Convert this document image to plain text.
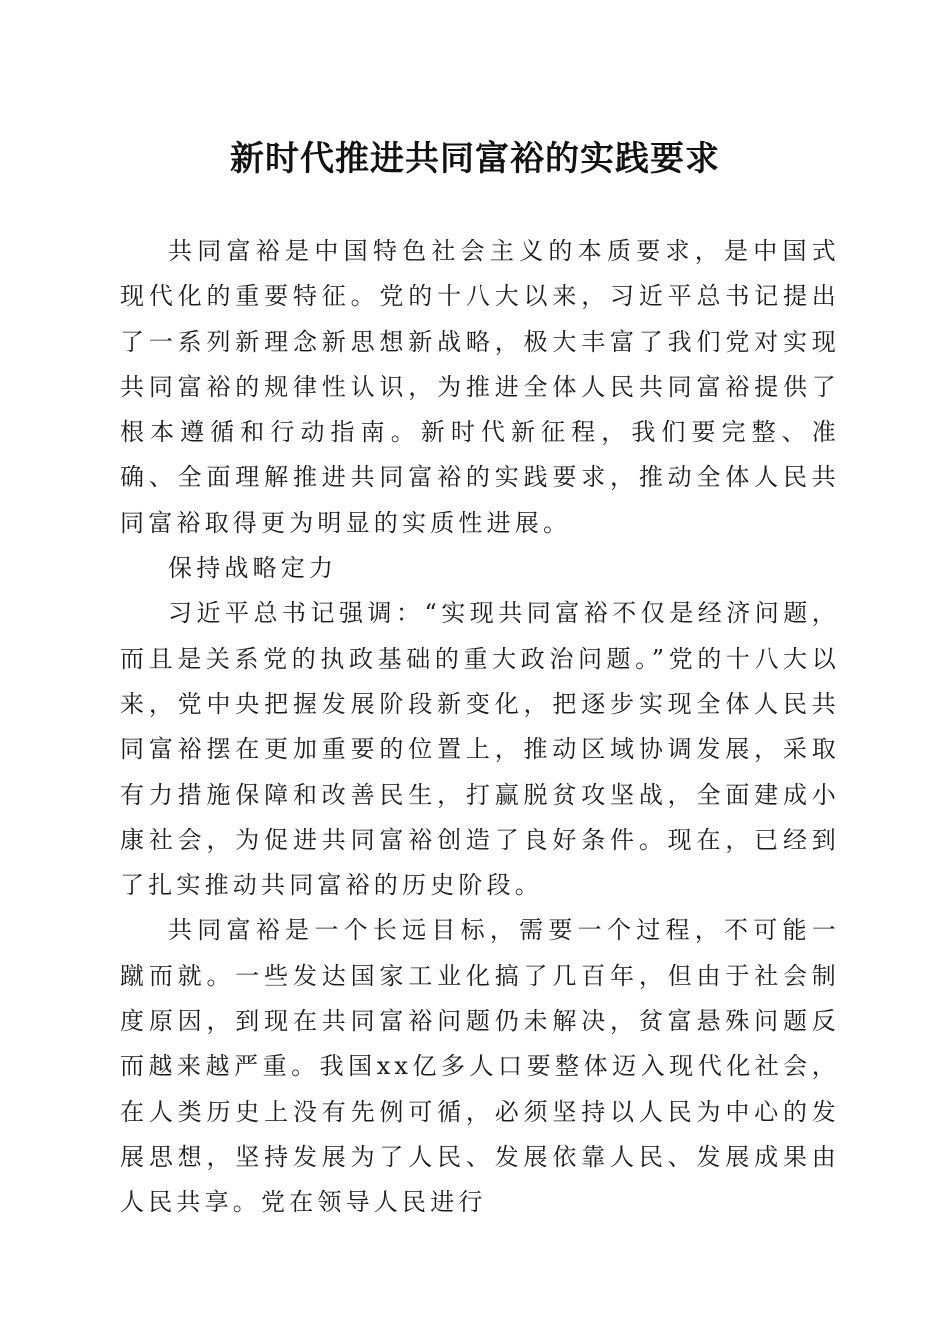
新时代推进共同富裕的实践要求

共同富裕是中国特色社会主义的本质要求，是中国式现代化的重要特征。党的十八大以来，习近平总书记提出了一系列新理念新思想新战略，极大丰富了我们党对实现共同富裕的规律性认识，为推进全体人民共同富裕提供了根本遵循和行动指南。新时代新征程，我们要完整、准确、全面理解推进共同富裕的实践要求，推动全体人民共同富裕取得更为明显的实质性进展。

保持战略定力

习近平总书记强调：“实现共同富裕不仅是经济问题，而且是关系党的执政基础的重大政治问题。”党的十八大以来，党中央把握发展阶段新变化，把逐步实现全体人民共同富裕摆在更加重要的位置上，推动区域协调发展，采取有力措施保障和改善民生，打赢脱贫攻坚战，全面建成小康社会，为促进共同富裕创造了良好条件。现在，已经到了扎实推动共同富裕的历史阶段。

共同富裕是一个长远目标，需要一个过程，不可能一蹴而就。一些发达国家工业化搞了几百年，但由于社会制度原因，到现在共同富裕问题仍未解决，贫富悬殊问题反而越来越严重。我国xx亿多人口要整体迈入现代化社会，在人类历史上没有先例可循，必须坚持以人民为中心的发展思想，坚持发展为了人民、发展依靠人民、发展成果由人民共享。党在领导人民进行
